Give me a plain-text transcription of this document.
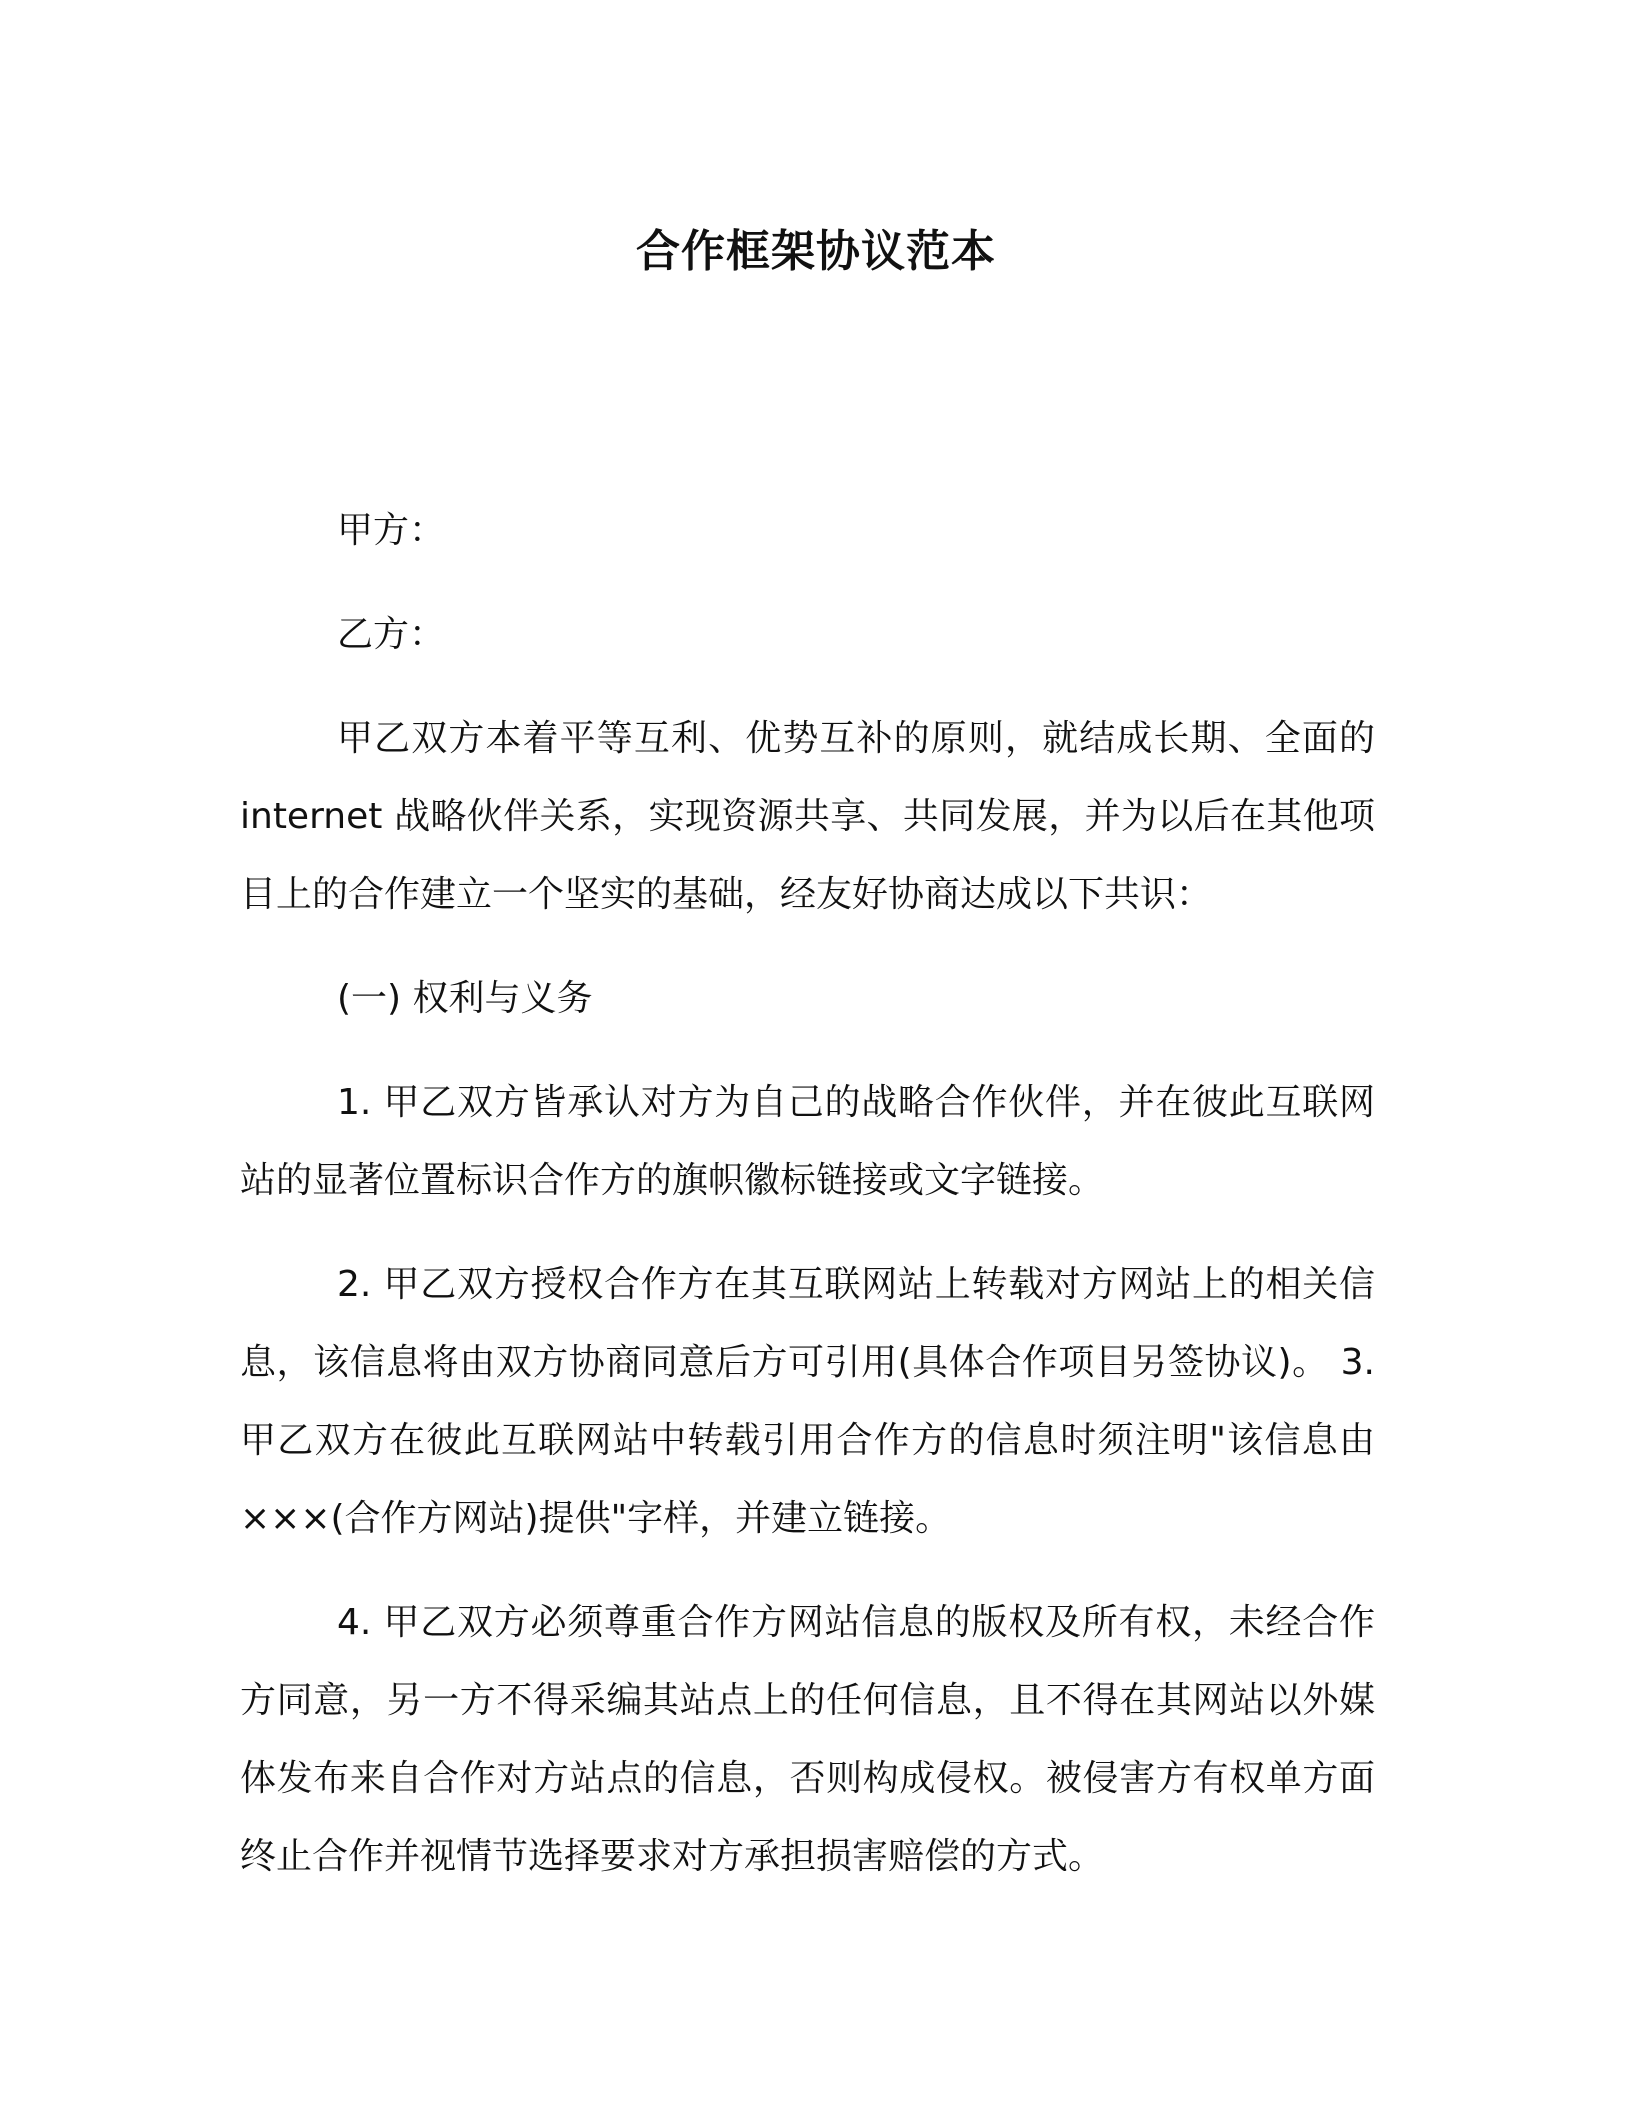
合作框架协议范本

甲方：

乙方：

甲乙双方本着平等互利、优势互补的原则，就结成长期、全面的 internet 战略伙伴关系，实现资源共享、共同发展，并为以后在其他项目上的合作建立一个坚实的基础，经友好协商达成以下共识：

(一) 权利与义务

1. 甲乙双方皆承认对方为自己的战略合作伙伴，并在彼此互联网站的显著位置标识合作方的旗帜徽标链接或文字链接。

2. 甲乙双方授权合作方在其互联网站上转载对方网站上的相关信息，该信息将由双方协商同意后方可引用(具体合作项目另签协议)。 3. 甲乙双方在彼此互联网站中转载引用合作方的信息时须注明"该信息由×××(合作方网站)提供"字样，并建立链接。

4. 甲乙双方必须尊重合作方网站信息的版权及所有权，未经合作方同意，另一方不得采编其站点上的任何信息，且不得在其网站以外媒 体发布来自合作对方站点的信息，否则构成侵权。被侵害方有权单方面终止合作并视情节选择要求对方承担损害赔偿的方式。
